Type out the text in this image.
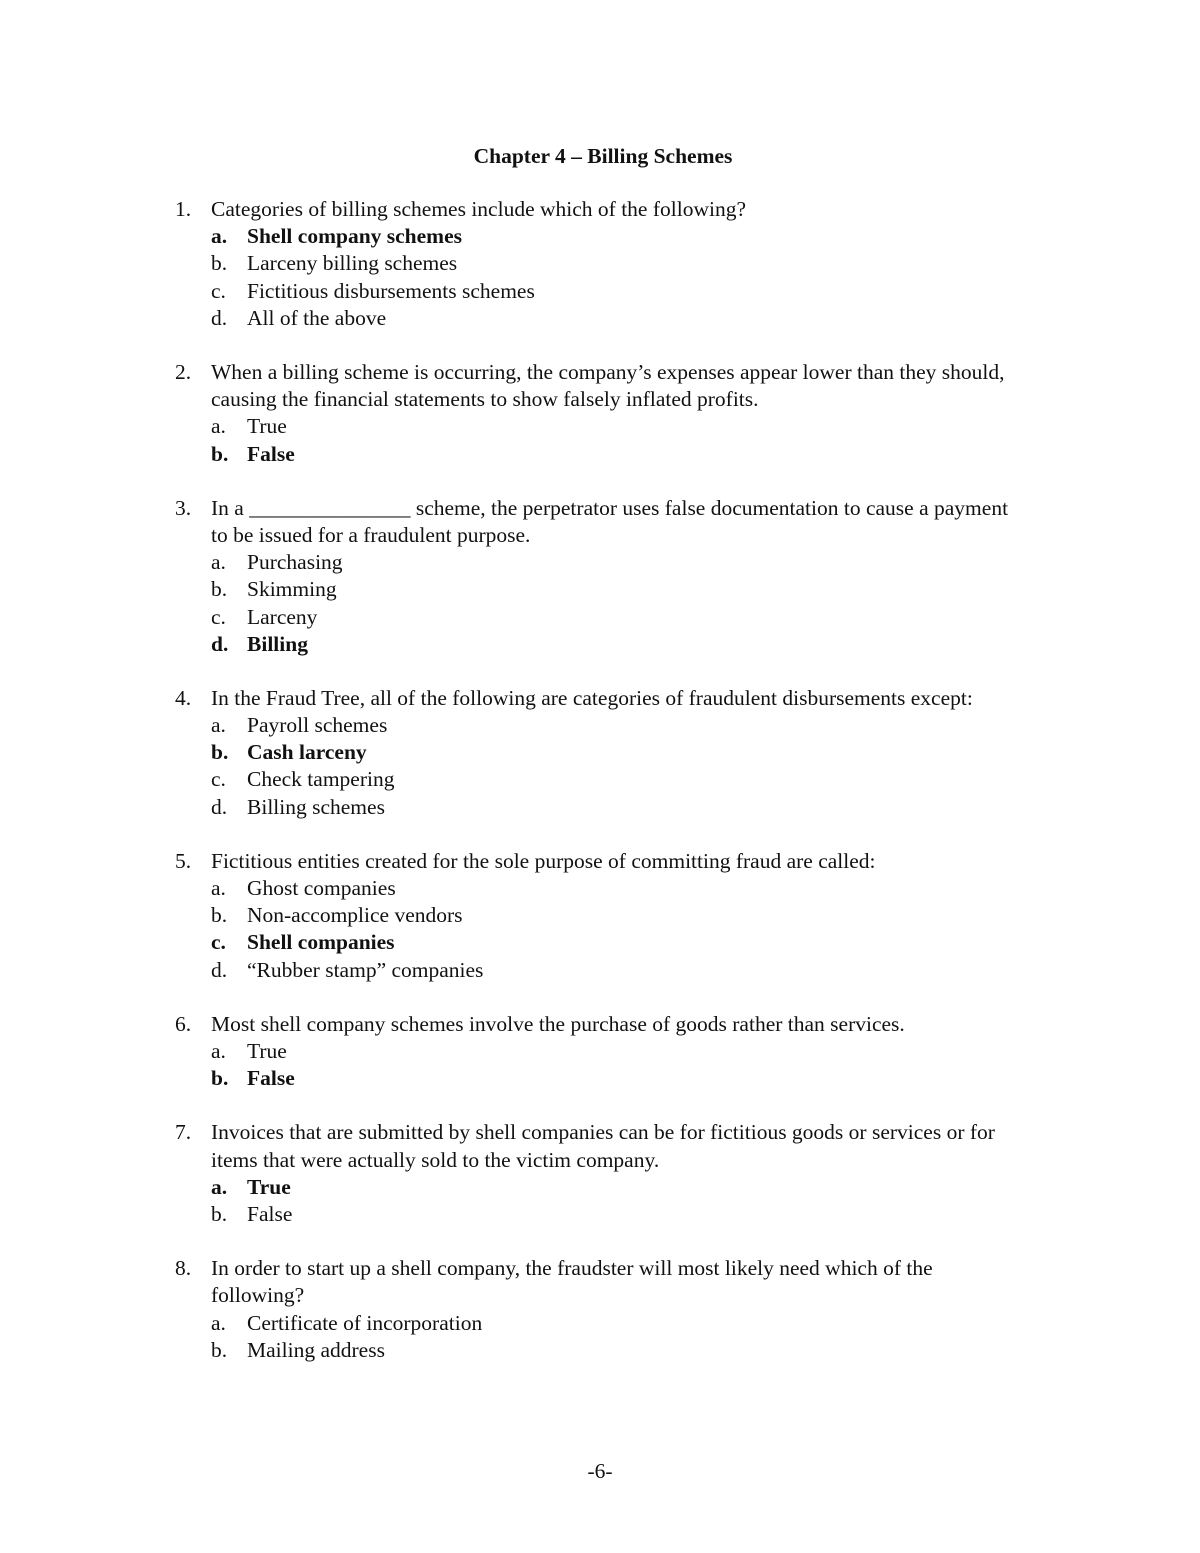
Chapter 4 – Billing Schemes
1. Categories of billing schemes include which of the following?
a. Shell company schemes
b. Larceny billing schemes
c. Fictitious disbursements schemes
d. All of the above
2. When a billing scheme is occurring, the company’s expenses appear lower than they should, causing the financial statements to show falsely inflated profits.
a. True
b. False
3. In a _______________ scheme, the perpetrator uses false documentation to cause a payment to be issued for a fraudulent purpose.
a. Purchasing
b. Skimming
c. Larceny
d. Billing
4. In the Fraud Tree, all of the following are categories of fraudulent disbursements except:
a. Payroll schemes
b. Cash larceny
c. Check tampering
d. Billing schemes
5. Fictitious entities created for the sole purpose of committing fraud are called:
a. Ghost companies
b. Non-accomplice vendors
c. Shell companies
d. “Rubber stamp” companies
6. Most shell company schemes involve the purchase of goods rather than services.
a. True
b. False
7. Invoices that are submitted by shell companies can be for fictitious goods or services or for items that were actually sold to the victim company.
a. True
b. False
8. In order to start up a shell company, the fraudster will most likely need which of the following?
a. Certificate of incorporation
b. Mailing address
-6-
